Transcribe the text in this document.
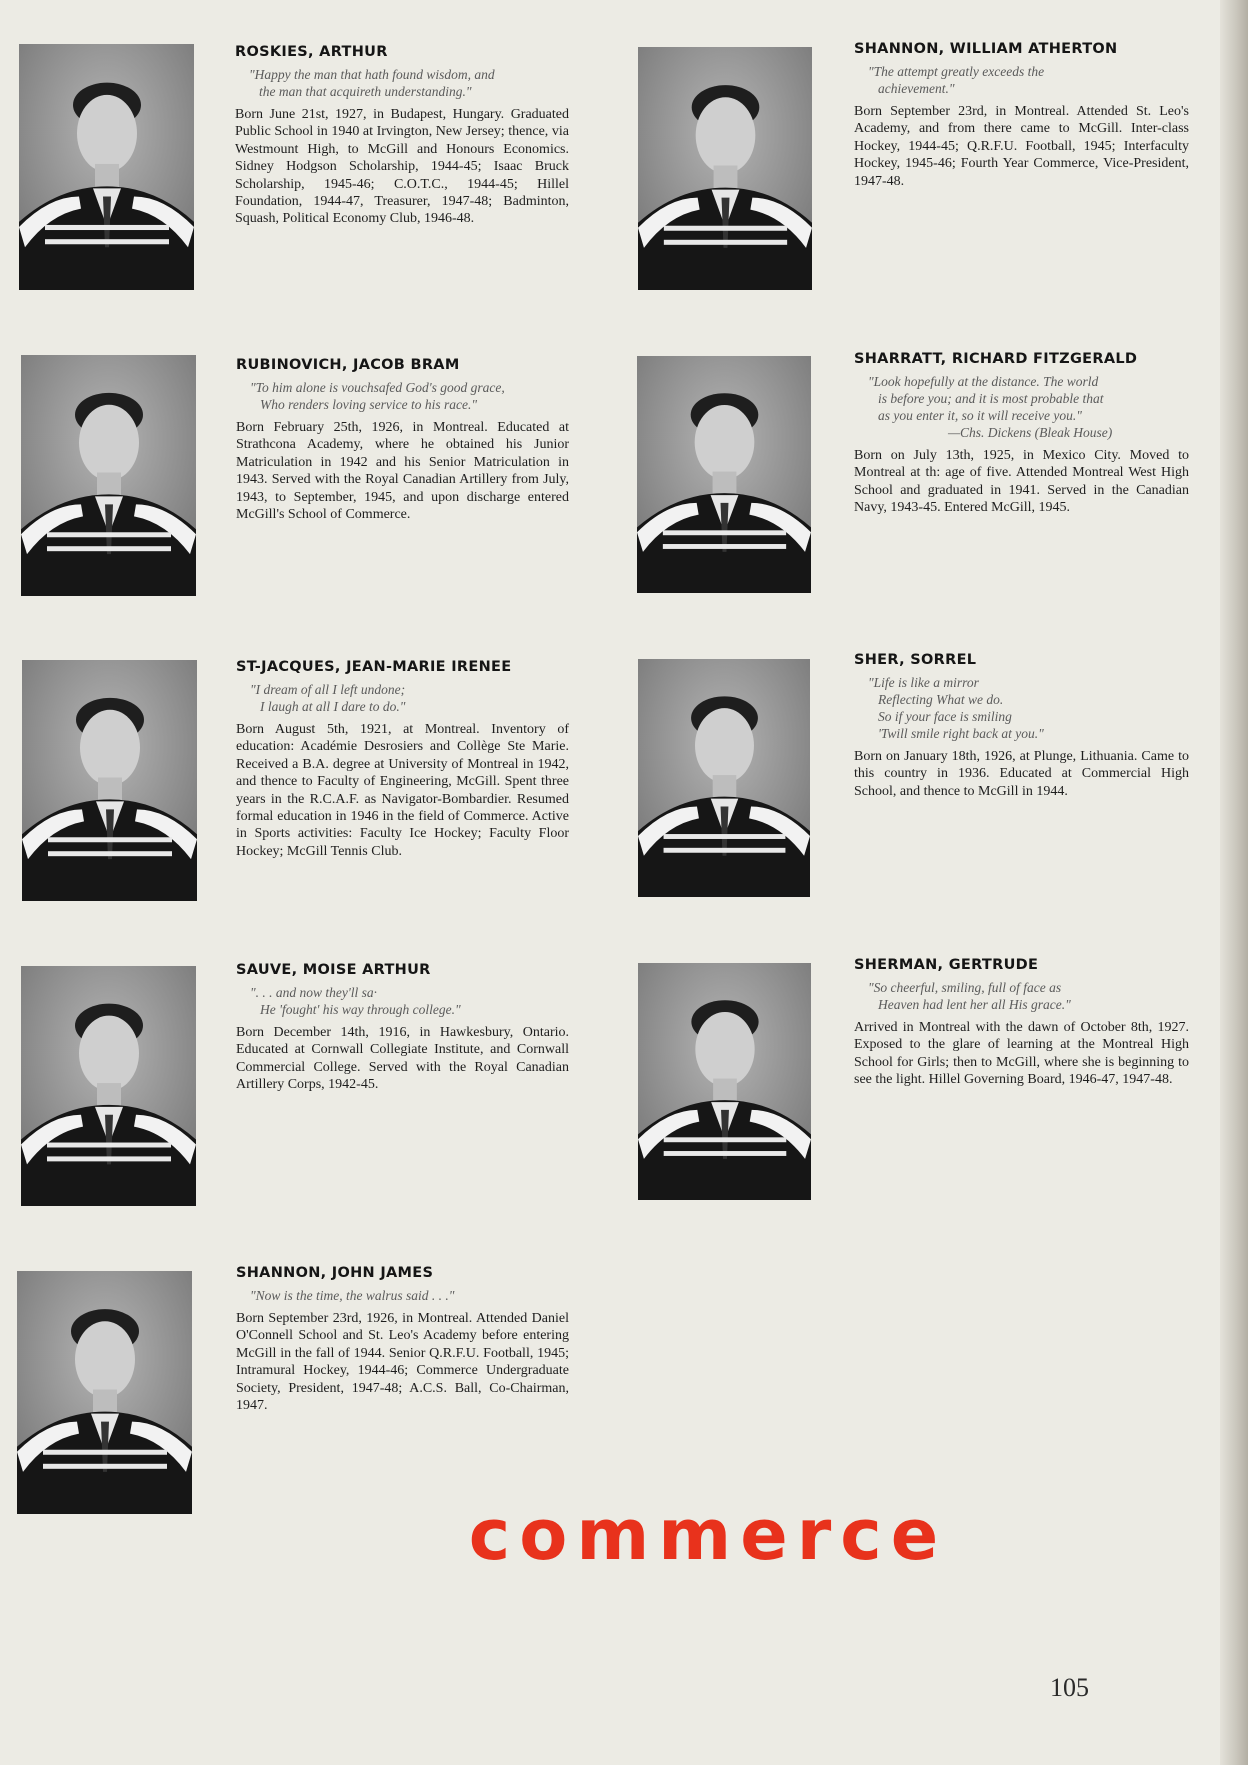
ROSKIES, ARTHUR
"Happy the man that hath found wisdom, and
the man that acquireth understanding."

Born June 21st, 1927, in Budapest, Hungary. Graduated Public School in 1940 at Irvington, New Jersey; thence, via Westmount High, to McGill and Honours Economics. Sidney Hodgson Scholarship, 1944-45; Isaac Bruck Scholarship, 1945-46; C.O.T.C., 1944-45; Hillel Foundation, 1944-47, Treasurer, 1947-48; Badminton, Squash, Political Economy Club, 1946-48.

RUBINOVICH, JACOB BRAM
"To him alone is vouchsafed God's good grace,
Who renders loving service to his race."

Born February 25th, 1926, in Montreal. Educated at Strathcona Academy, where he obtained his Junior Matriculation in 1942 and his Senior Matriculation in 1943. Served with the Royal Canadian Artillery from July, 1943, to September, 1945, and upon discharge entered McGill's School of Commerce.

ST-JACQUES, JEAN-MARIE IRENEE
"I dream of all I left undone;
I laugh at all I dare to do."

Born August 5th, 1921, at Montreal. Inventory of education: Académie Desrosiers and Collège Ste Marie. Received a B.A. degree at University of Montreal in 1942, and thence to Faculty of Engineering, McGill. Spent three years in the R.C.A.F. as Navigator-Bombardier. Resumed formal education in 1946 in the field of Commerce. Active in Sports activities: Faculty Ice Hockey; Faculty Floor Hockey; McGill Tennis Club.

SAUVE, MOISE ARTHUR
". . . and now they'll sa·
He 'fought' his way through college."

Born December 14th, 1916, in Hawkesbury, Ontario. Educated at Cornwall Collegiate Institute, and Cornwall Commercial College. Served with the Royal Canadian Artillery Corps, 1942-45.

SHANNON, JOHN JAMES
"Now is the time, the walrus said . . ."

Born September 23rd, 1926, in Montreal. Attended Daniel O'Connell School and St. Leo's Academy before entering McGill in the fall of 1944. Senior Q.R.F.U. Football, 1945; Intramural Hockey, 1944-46; Commerce Undergraduate Society, President, 1947-48; A.C.S. Ball, Co-Chairman, 1947.

SHANNON, WILLIAM ATHERTON
"The attempt greatly exceeds the
achievement."

Born September 23rd, in Montreal. Attended St. Leo's Academy, and from there came to McGill. Inter-class Hockey, 1944-45; Q.R.F.U. Football, 1945; Interfaculty Hockey, 1945-46; Fourth Year Commerce, Vice-President, 1947-48.

SHARRATT, RICHARD FITZGERALD
"Look hopefully at the distance. The world
is before you; and it is most probable that
as you enter it, so it will receive you."
—Chs. Dickens (Bleak House)

Born on July 13th, 1925, in Mexico City. Moved to Montreal at th: age of five. Attended Montreal West High School and graduated in 1941. Served in the Canadian Navy, 1943-45. Entered McGill, 1945.

SHER, SORREL
"Life is like a mirror
Reflecting What we do.
So if your face is smiling
'Twill smile right back at you."

Born on January 18th, 1926, at Plunge, Lithuania. Came to this country in 1936. Educated at Commercial High School, and thence to McGill in 1944.

SHERMAN, GERTRUDE
"So cheerful, smiling, full of face as
Heaven had lent her all His grace."

Arrived in Montreal with the dawn of October 8th, 1927. Exposed to the glare of learning at the Montreal High School for Girls; then to McGill, where she is beginning to see the light. Hillel Governing Board, 1946-47, 1947-48.

commerce
105
